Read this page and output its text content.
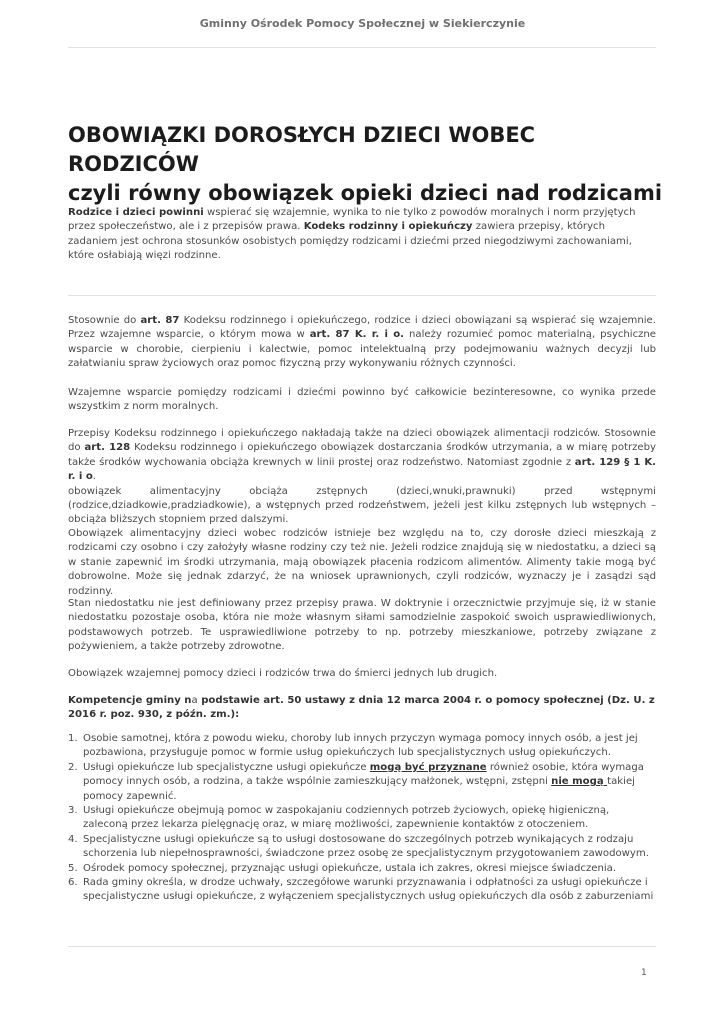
Gminny Ośrodek Pomocy Społecznej w Siekierczynie
OBOWIĄZKI DOROSŁYCH DZIECI WOBEC RODZICÓW
czyli równy obowiązek opieki dzieci nad rodzicami

Rodzice i dzieci powinni wspierać się wzajemnie, wynika to nie tylko z powodów moralnych i norm przyjętych przez społeczeństwo, ale i z przepisów prawa. Kodeks rodzinny i opiekuńczy zawiera przepisy, których zadaniem jest ochrona stosunków osobistych pomiędzy rodzicami i dziećmi przed niegodziwymi zachowaniami, które osłabiają więzi rodzinne.

Stosownie do art. 87 Kodeksu rodzinnego i opiekuńczego, rodzice i dzieci obowiązani są wspierać się wzajemnie. Przez wzajemne wsparcie, o którym mowa w art. 87 K. r. i o. należy rozumieć pomoc materialną, psychiczne wsparcie w chorobie, cierpieniu i kalectwie, pomoc intelektualną przy podejmowaniu ważnych decyzji lub załatwianiu spraw życiowych oraz pomoc fizyczną przy wykonywaniu różnych czynności.

Wzajemne wsparcie pomiędzy rodzicami i dziećmi powinno być całkowicie bezinteresowne, co wynika przede wszystkim z norm moralnych.

Przepisy Kodeksu rodzinnego i opiekuńczego nakładają także na dzieci obowiązek alimentacji rodziców. Stosownie do art. 128 Kodeksu rodzinnego i opiekuńczego obowiązek dostarczania środków utrzymania, a w miarę potrzeby także środków wychowania obciąża krewnych w linii prostej oraz rodzeństwo. Natomiast zgodnie z art. 129 § 1 K. r. i o.
obowiązek alimentacyjny obciąża zstępnych (dzieci,wnuki,prawnuki) przed wstępnymi
(rodzice,dziadkowie,pradziadkowie), a wstępnych przed rodzeństwem, jeżeli jest kilku zstępnych lub wstępnych – obciąża bliższych stopniem przed dalszymi.

Obowiązek alimentacyjny dzieci wobec rodziców istnieje bez względu na to, czy dorosłe dzieci mieszkają z rodzicami czy osobno i czy założyły własne rodziny czy też nie. Jeżeli rodzice znajdują się w niedostatku, a dzieci są w stanie zapewnić im środki utrzymania, mają obowiązek płacenia rodzicom alimentów. Alimenty takie mogą być dobrowolne. Może się jednak zdarzyć, że na wniosek uprawnionych, czyli rodziców, wyznaczy je i zasądzi sąd rodzinny.

Stan niedostatku nie jest definiowany przez przepisy prawa. W doktrynie i orzecznictwie przyjmuje się, iż w stanie niedostatku pozostaje osoba, która nie może własnym siłami samodzielnie zaspokoić swoich usprawiedliwionych, podstawowych potrzeb. Te usprawiedliwione potrzeby to np. potrzeby mieszkaniowe, potrzeby związane z pożywieniem, a także potrzeby zdrowotne.

Obowiązek wzajemnej pomocy dzieci i rodziców trwa do śmierci jednych lub drugich.

Kompetencje gminy na podstawie art. 50 ustawy z dnia 12 marca 2004 r. o pomocy społecznej (Dz. U. z 2016 r. poz. 930, z późn. zm.):

1. Osobie samotnej, która z powodu wieku, choroby lub innych przyczyn wymaga pomocy innych osób, a jest jej pozbawiona, przysługuje pomoc w formie usług opiekuńczych lub specjalistycznych usług opiekuńczych.
2. Usługi opiekuńcze lub specjalistyczne usługi opiekuńcze mogą być przyznane również osobie, która wymaga pomocy innych osób, a rodzina, a także wspólnie zamieszkujący małżonek, wstępni, zstępni nie mogą takiej pomocy zapewnić.
3. Usługi opiekuńcze obejmują pomoc w zaspokajaniu codziennych potrzeb życiowych, opiekę higieniczną, zaleconą przez lekarza pielęgnację oraz, w miarę możliwości, zapewnienie kontaktów z otoczeniem.
4. Specjalistyczne usługi opiekuńcze są to usługi dostosowane do szczególnych potrzeb wynikających z rodzaju schorzenia lub niepełnosprawności, świadczone przez osobę ze specjalistycznym przygotowaniem zawodowym.
5. Ośrodek pomocy społecznej, przyznając usługi opiekuńcze, ustala ich zakres, okresi miejsce świadczenia.
6. Rada gminy określa, w drodze uchwały, szczegółowe warunki przyznawania i odpłatności za usługi opiekuńcze i specjalistyczne usługi opiekuńcze, z wyłączeniem specjalistycznych usług opiekuńczych dla osób z zaburzeniami
1
